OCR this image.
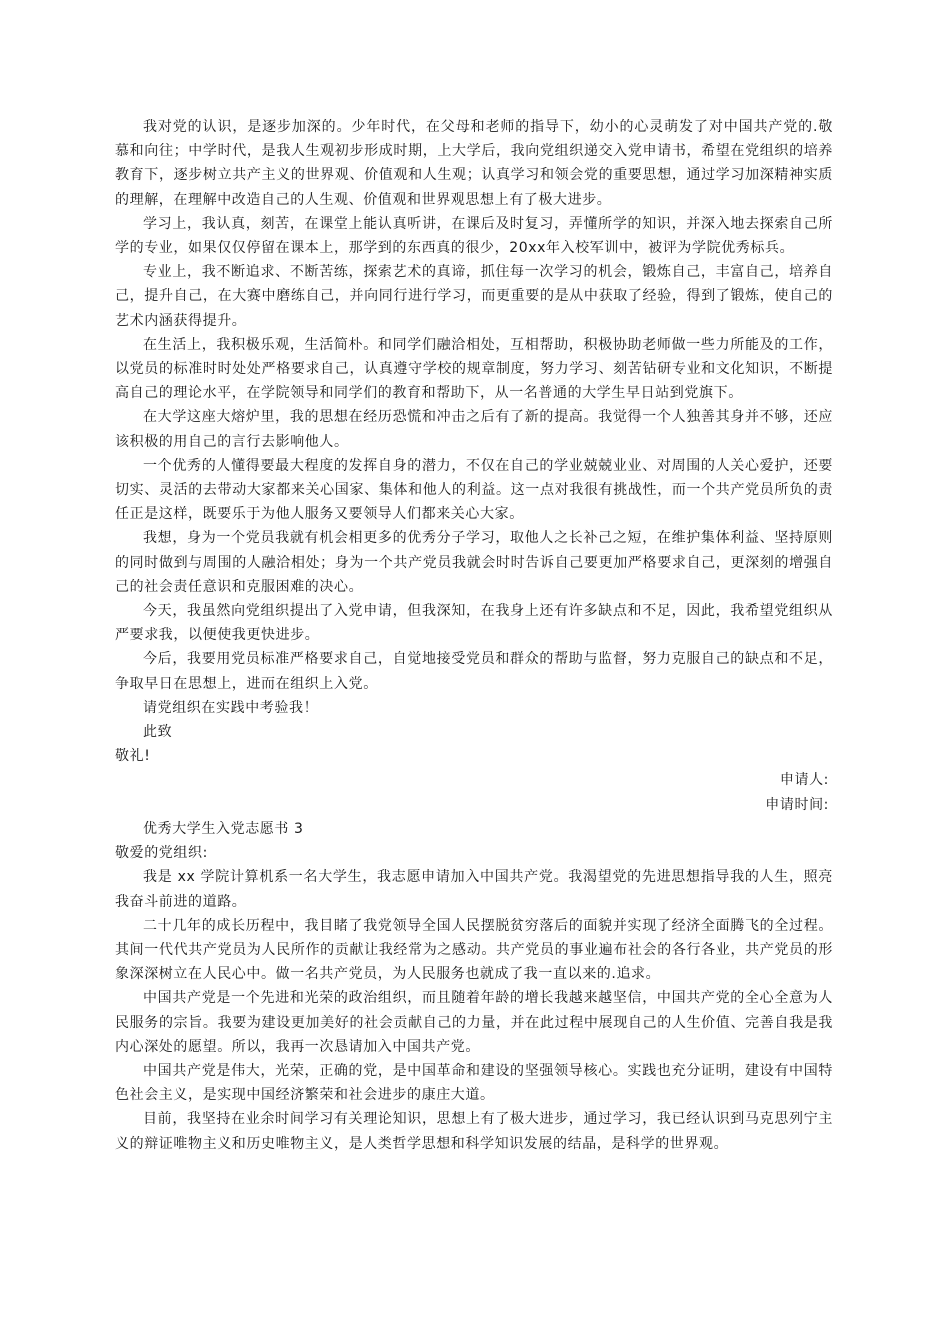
我对党的认识，是逐步加深的。少年时代，在父母和老师的指导下，幼小的心灵萌发了对中国共产党的.敬慕和向往；中学时代，是我人生观初步形成时期，上大学后，我向党组织递交入党申请书，希望在党组织的培养教育下，逐步树立共产主义的世界观、价值观和人生观；认真学习和领会党的重要思想，通过学习加深精神实质的理解，在理解中改造自己的人生观、价值观和世界观思想上有了极大进步。

学习上，我认真，刻苦，在课堂上能认真听讲，在课后及时复习，弄懂所学的知识，并深入地去探索自己所学的专业，如果仅仅停留在课本上，那学到的东西真的很少，20xx年入校军训中，被评为学院优秀标兵。

专业上，我不断追求、不断苦练，探索艺术的真谛，抓住每一次学习的机会，锻炼自己，丰富自己，培养自己，提升自己，在大赛中磨练自己，并向同行进行学习，而更重要的是从中获取了经验，得到了锻炼，使自己的艺术内涵获得提升。

在生活上，我积极乐观，生活简朴。和同学们融洽相处，互相帮助，积极协助老师做一些力所能及的工作，以党员的标准时时处处严格要求自己，认真遵守学校的规章制度，努力学习、刻苦钻研专业和文化知识，不断提高自己的理论水平，在学院领导和同学们的教育和帮助下，从一名普通的大学生早日站到党旗下。

在大学这座大熔炉里，我的思想在经历恐慌和冲击之后有了新的提高。我觉得一个人独善其身并不够，还应该积极的用自己的言行去影响他人。

一个优秀的人懂得要最大程度的发挥自身的潜力，不仅在自己的学业兢兢业业、对周围的人关心爱护，还要切实、灵活的去带动大家都来关心国家、集体和他人的利益。这一点对我很有挑战性，而一个共产党员所负的责任正是这样，既要乐于为他人服务又要领导人们都来关心大家。

我想，身为一个党员我就有机会相更多的优秀分子学习，取他人之长补己之短，在维护集体利益、坚持原则的同时做到与周围的人融洽相处；身为一个共产党员我就会时时告诉自己要更加严格要求自己，更深刻的增强自己的社会责任意识和克服困难的决心。

今天，我虽然向党组织提出了入党申请，但我深知，在我身上还有许多缺点和不足，因此，我希望党组织从严要求我，以便使我更快进步。

今后，我要用党员标准严格要求自己，自觉地接受党员和群众的帮助与监督，努力克服自己的缺点和不足，争取早日在思想上，进而在组织上入党。

请党组织在实践中考验我！

此致

敬礼!

申请人:

申请时间:

优秀大学生入党志愿书 3

敬爱的党组织:

我是 xx 学院计算机系一名大学生，我志愿申请加入中国共产党。我渴望党的先进思想指导我的人生，照亮我奋斗前进的道路。

二十几年的成长历程中，我目睹了我党领导全国人民摆脱贫穷落后的面貌并实现了经济全面腾飞的全过程。其间一代代共产党员为人民所作的贡献让我经常为之感动。共产党员的事业遍布社会的各行各业，共产党员的形象深深树立在人民心中。做一名共产党员，为人民服务也就成了我一直以来的.追求。

中国共产党是一个先进和光荣的政治组织，而且随着年龄的增长我越来越坚信，中国共产党的全心全意为人民服务的宗旨。我要为建设更加美好的社会贡献自己的力量，并在此过程中展现自己的人生价值、完善自我是我内心深处的愿望。所以，我再一次恳请加入中国共产党。

中国共产党是伟大，光荣，正确的党，是中国革命和建设的坚强领导核心。实践也充分证明，建设有中国特色社会主义，是实现中国经济繁荣和社会进步的康庄大道。

目前，我坚持在业余时间学习有关理论知识，思想上有了极大进步，通过学习，我已经认识到马克思列宁主义的辩证唯物主义和历史唯物主义，是人类哲学思想和科学知识发展的结晶，是科学的世界观。
